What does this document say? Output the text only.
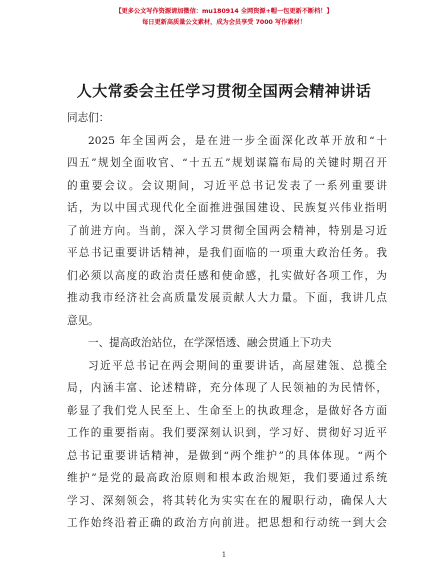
【更多公文写作资源请加微信：mu180914 全网资源+帽一包更新不断档！】
每日更新高质量公文素材，成为会员享受 7000 写作素材！
人大常委会主任学习贯彻全国两会精神讲话

同志们：

2025 年全国两会，是在进一步全面深化改革开放和“十

四五”规划全面收官、“十五五”规划谋篇布局的关键时期召开

的重要会议。会议期间，习近平总书记发表了一系列重要讲

话，为以中国式现代化全面推进强国建设、民族复兴伟业指明

了前进方向。当前，深入学习贯彻全国两会精神，特别是习近

平总书记重要讲话精神，是我们面临的一项重大政治任务。我

们必须以高度的政治责任感和使命感，扎实做好各项工作，为

推动我市经济社会高质量发展贡献人大力量。下面，我讲几点

意见。

一、提高政治站位，在学深悟透、融会贯通上下功夫

习近平总书记在两会期间的重要讲话，高屋建瓴、总揽全

局，内涵丰富、论述精辟，充分体现了人民领袖的为民情怀，

彰显了我们党人民至上、生命至上的执政理念，是做好各方面

工作的重要指南。我们要深刻认识到，学习好、贯彻好习近平

总书记重要讲话精神，是做到“两个维护”的具体体现。“两个

维护”是党的最高政治原则和根本政治规矩，我们要通过系统

学习、深刻领会，将其转化为实实在在的履职行动，确保人大

工作始终沿着正确的政治方向前进。把思想和行动统一到大会

1
